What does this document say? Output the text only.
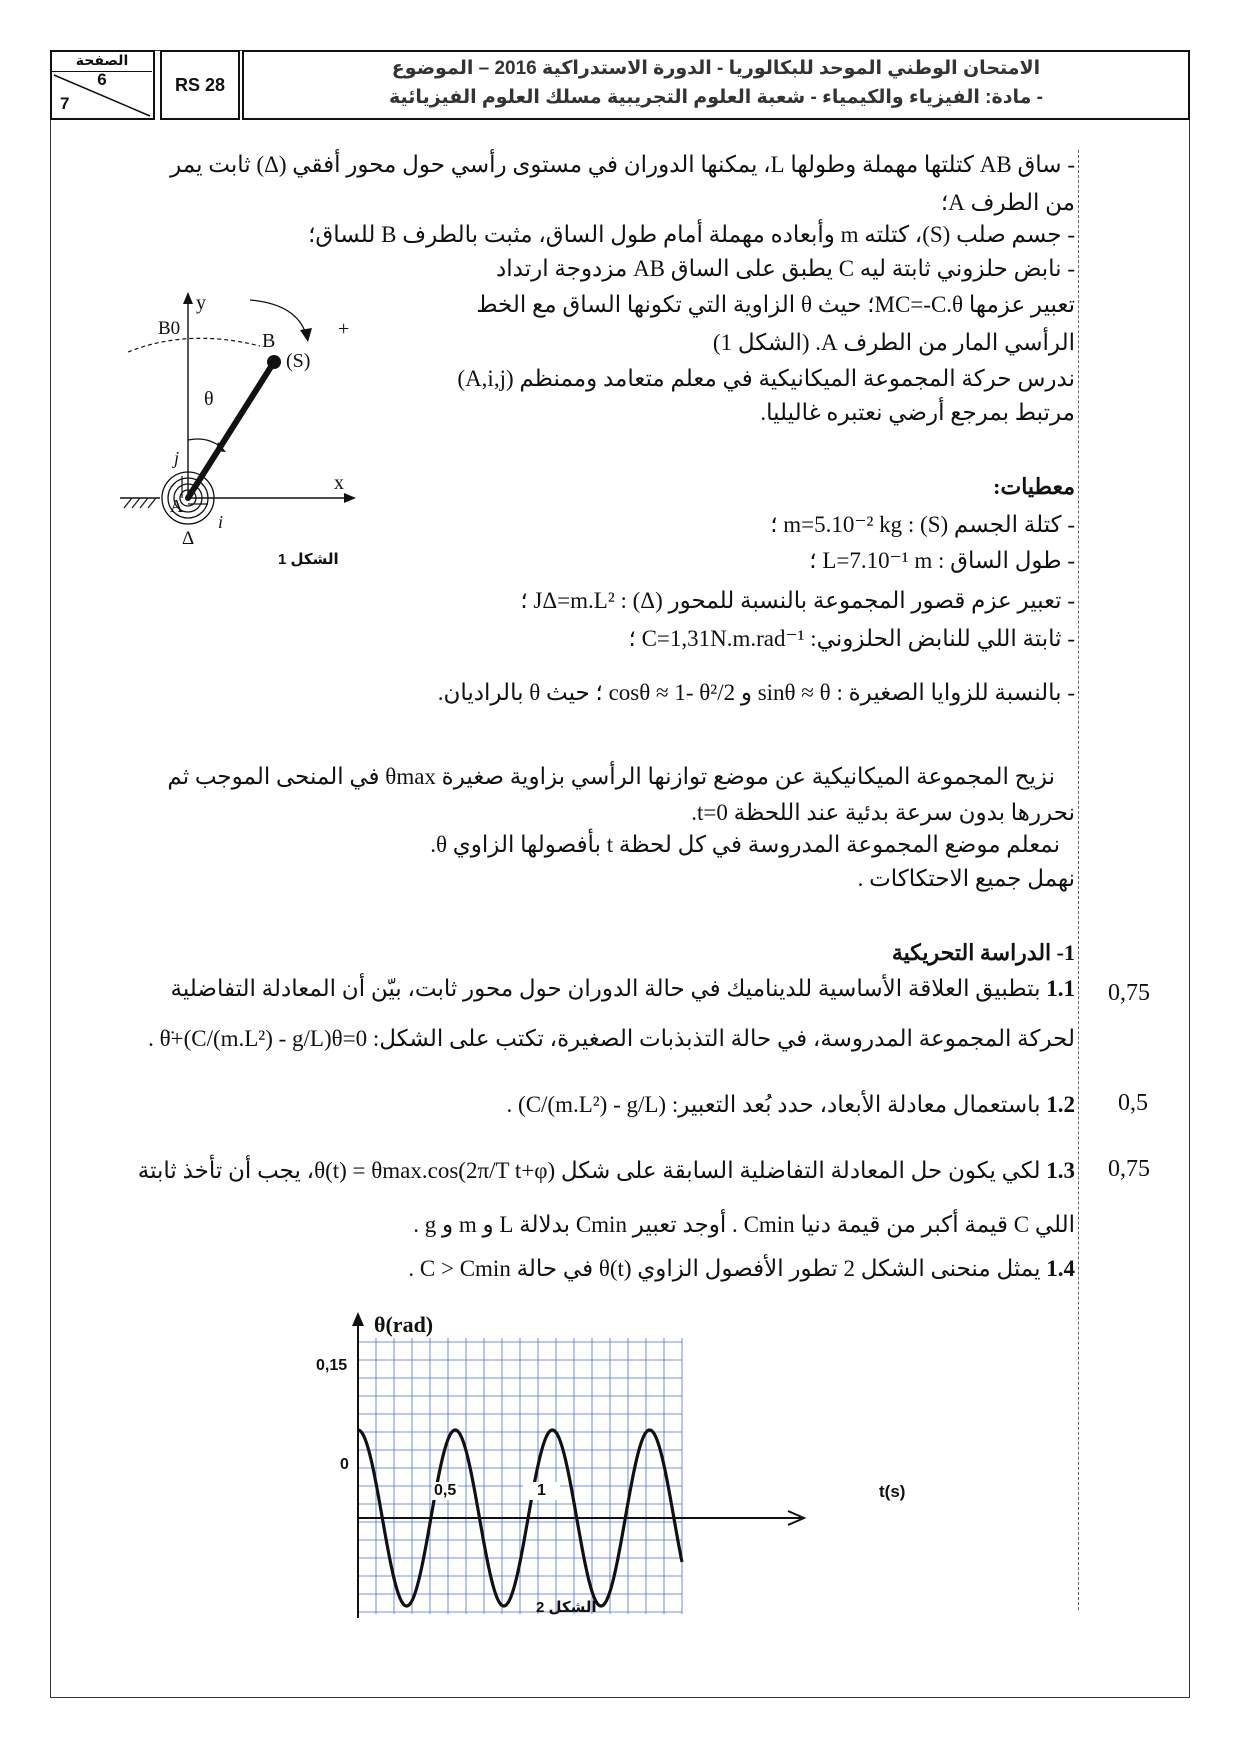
الصفحة
6
7
RS 28
الامتحان الوطني الموحد للبكالوريا - الدورة الاستدراكية 2016 – الموضوع
- مادة: الفيزياء والكيمياء - شعبة العلوم التجريبية مسلك العلوم الفيزيائية
- ساق AB كتلتها مهملة وطولها L، يمكنها الدوران في مستوى رأسي حول محور أفقي (Δ) ثابت يمر
من الطرف A؛
- جسم صلب (S)، كتلته m وأبعاده مهملة أمام طول الساق، مثبت بالطرف B للساق؛
- نابض حلزوني ثابتة ليه C يطبق على الساق AB مزدوجة ارتداد
تعبير عزمها MC=-C.θ؛ حيث θ الزاوية التي تكونها الساق مع الخط
الرأسي المار من الطرف A. (الشكل 1)
ندرس حركة المجموعة الميكانيكية في معلم متعامد وممنظم (A,i,j)
مرتبط بمرجع أرضي نعتبره غاليليا.
y
B0
B
(S)
+
θ
j
x
A
i
Δ
الشكل 1
معطيات:
- كتلة الجسم (S) : m=5.10⁻² kg ؛
- طول الساق : L=7.10⁻¹ m ؛
- تعبير عزم قصور المجموعة بالنسبة للمحور (Δ) : JΔ=m.L² ؛
- ثابتة اللي للنابض الحلزوني: C=1,31N.m.rad⁻¹ ؛
- بالنسبة للزوايا الصغيرة : sinθ ≈ θ و cosθ ≈ 1- θ²/2 ؛ حيث θ بالراديان.
نزيح المجموعة الميكانيكية عن موضع توازنها الرأسي بزاوية صغيرة θmax في المنحى الموجب ثم
نحررها بدون سرعة بدئية عند اللحظة t=0.
نمعلم موضع المجموعة المدروسة في كل لحظة t بأفصولها الزاوي θ.
نهمل جميع الاحتكاكات .
1- الدراسة التحريكية
1.1 بتطبيق العلاقة الأساسية للديناميك في حالة الدوران حول محور ثابت، بيّن أن المعادلة التفاضلية	0,75
لحركة المجموعة المدروسة، في حالة التذبذبات الصغيرة، تكتب على الشكل: θ̈+(C/(m.L²) - g/L)θ=0 .
1.2 باستعمال معادلة الأبعاد، حدد بُعد التعبير: (C/(m.L²) - g/L) .	0,5
1.3 لكي يكون حل المعادلة التفاضلية السابقة على شكل θ(t) = θmax.cos(2π/T t+φ)، يجب أن تأخذ ثابتة	0,75
اللي C قيمة أكبر من قيمة دنيا Cmin . أوجد تعبير Cmin بدلالة L و m و g .
1.4 يمثل منحنى الشكل 2 تطور الأفصول الزاوي θ(t) في حالة C > Cmin .
θ(rad)
0,15
0
0,5	1	t(s)
الشكل 2
